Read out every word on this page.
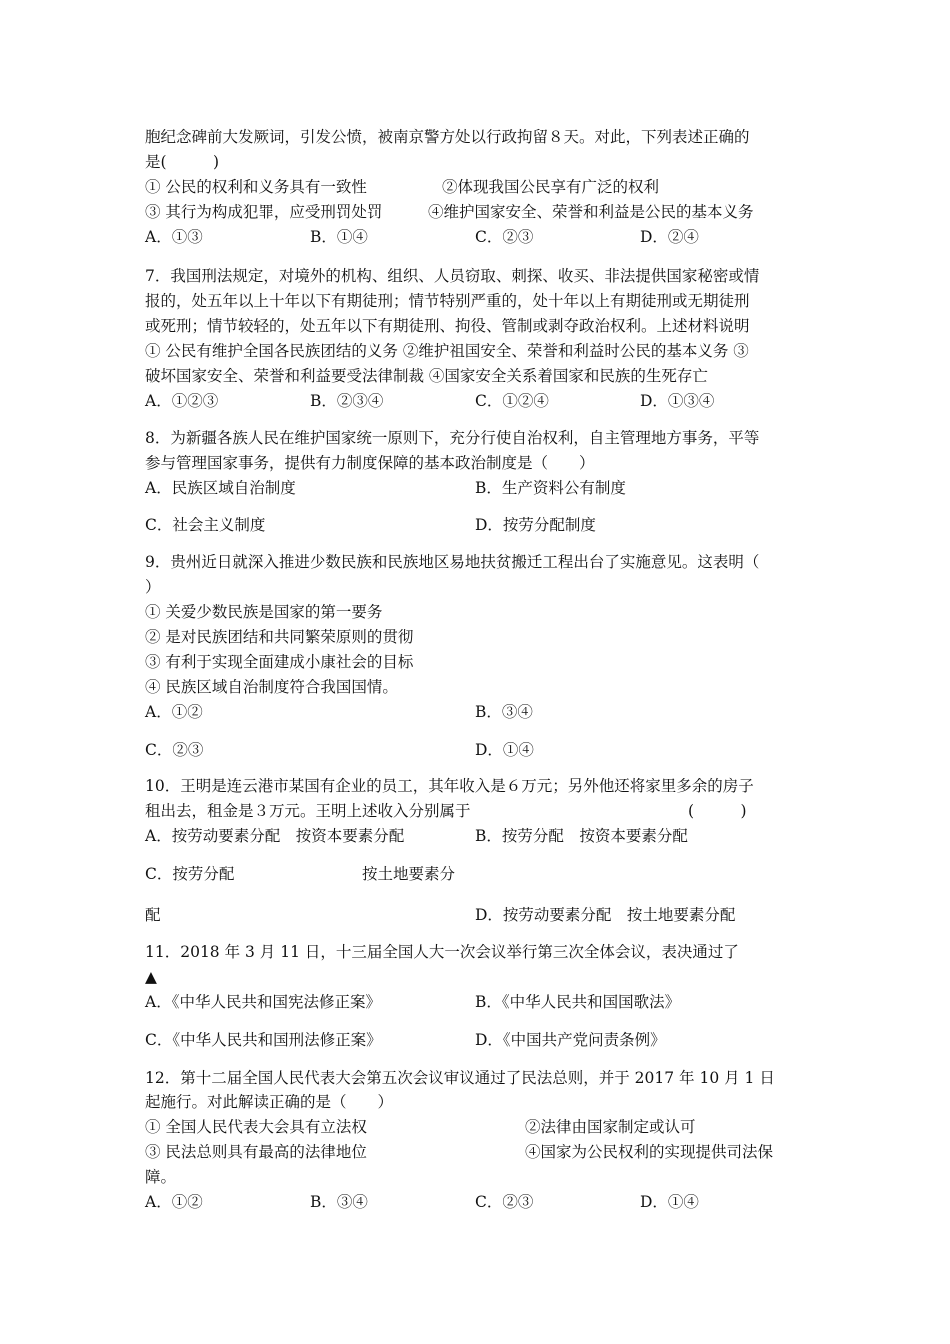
胞纪念碑前大发厥词，引发公愤，被南京警方处以行政拘留８天。对此，下列表述正确的
是(　　　)
① 公民的权利和义务具有一致性	②体现我国公民享有广泛的权利
③ 其行为构成犯罪，应受刑罚处罚	④维护国家安全、荣誉和利益是公民的基本义务
A．①③	B．①④	C．②③	D．②④
7．我国刑法规定，对境外的机构、组织、人员窃取、刺探、收买、非法提供国家秘密或情
报的，处五年以上十年以下有期徒刑；情节特别严重的，处十年以上有期徒刑或无期徒刑
或死刑；情节较轻的，处五年以下有期徒刑、拘役、管制或剥夺政治权利。上述材料说明
① 公民有维护全国各民族团结的义务 ②维护祖国安全、荣誉和利益时公民的基本义务 ③
破坏国家安全、荣誉和利益要受法律制裁 ④国家安全关系着国家和民族的生死存亡
A．①②③	B．②③④	C．①②④	D．①③④
8．为新疆各族人民在维护国家统一原则下，充分行使自治权利，自主管理地方事务，平等
参与管理国家事务，提供有力制度保障的基本政治制度是（　　）
A．民族区域自治制度	B．生产资料公有制度
C．社会主义制度	D．按劳分配制度
9．贵州近日就深入推进少数民族和民族地区易地扶贫搬迁工程出台了实施意见。这表明（
）
① 关爱少数民族是国家的第一要务
② 是对民族团结和共同繁荣原则的贯彻
③ 有利于实现全面建成小康社会的目标
④ 民族区域自治制度符合我国国情。
A．①②	B．③④
C．②③	D．①④
10．王明是连云港市某国有企业的员工，其年收入是６万元；另外他还将家里多余的房子
租出去，租金是３万元。王明上述收入分别属于	(　　　)
A．按劳动要素分配　按资本要素分配	B．按劳分配　按资本要素分配
C．按劳分配	按土地要素分
配	D．按劳动要素分配　按土地要素分配
11．2018 年 3 月 11 日，十三届全国人大一次会议举行第三次全体会议，表决通过了
▲
A．《中华人民共和国宪法修正案》	B．《中华人民共和国国歌法》
C．《中华人民共和国刑法修正案》	D．《中国共产党问责条例》
12．第十二届全国人民代表大会第五次会议审议通过了民法总则，并于 2017 年 10 月 1 日
起施行。对此解读正确的是（　　）
① 全国人民代表大会具有立法权	②法律由国家制定或认可
③ 民法总则具有最高的法律地位	④国家为公民权利的实现提供司法保
障。
A．①②	B．③④	C．②③	D．①④
